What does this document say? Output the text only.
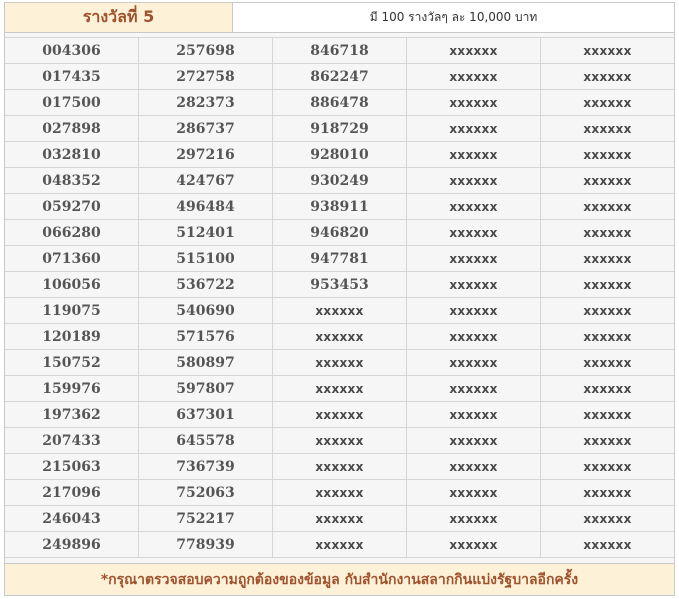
รางวัลที่ 5	มี 100 รางวัลๆ ละ 10,000 บาท
004306	257698	846718	xxxxxx	xxxxxx
017435	272758	862247	xxxxxx	xxxxxx
017500	282373	886478	xxxxxx	xxxxxx
027898	286737	918729	xxxxxx	xxxxxx
032810	297216	928010	xxxxxx	xxxxxx
048352	424767	930249	xxxxxx	xxxxxx
059270	496484	938911	xxxxxx	xxxxxx
066280	512401	946820	xxxxxx	xxxxxx
071360	515100	947781	xxxxxx	xxxxxx
106056	536722	953453	xxxxxx	xxxxxx
119075	540690	xxxxxx	xxxxxx	xxxxxx
120189	571576	xxxxxx	xxxxxx	xxxxxx
150752	580897	xxxxxx	xxxxxx	xxxxxx
159976	597807	xxxxxx	xxxxxx	xxxxxx
197362	637301	xxxxxx	xxxxxx	xxxxxx
207433	645578	xxxxxx	xxxxxx	xxxxxx
215063	736739	xxxxxx	xxxxxx	xxxxxx
217096	752063	xxxxxx	xxxxxx	xxxxxx
246043	752217	xxxxxx	xxxxxx	xxxxxx
249896	778939	xxxxxx	xxxxxx	xxxxxx
*กรุณาตรวจสอบความถูกต้องของข้อมูล กับสำนักงานสลากกินแบ่งรัฐบาลอีกครั้ง
